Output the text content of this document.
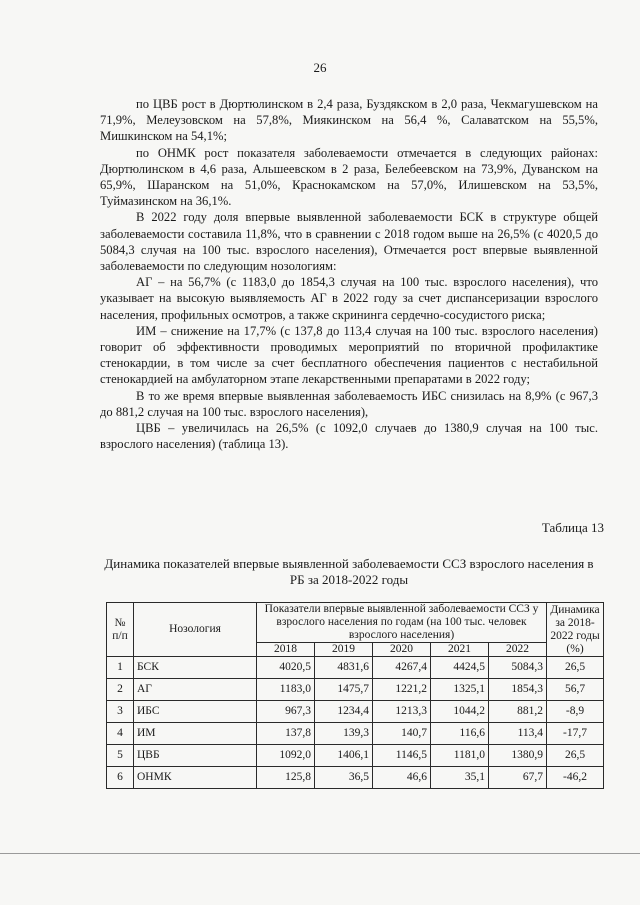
26

по ЦВБ рост в Дюртюлинском в 2,4 раза, Буздякском в 2,0 раза, Чекмагушевском на 71,9%, Мелеузовском на 57,8%, Миякинском на 56,4 %, Салаватском на 55,5%, Мишкинском на 54,1%;

по ОНМК рост показателя заболеваемости отмечается в следующих районах: Дюртюлинском в 4,6 раза, Альшеевском в 2 раза, Белебеевском на 73,9%, Дуванском на 65,9%, Шаранском на 51,0%, Краснокамском на 57,0%, Илишевском на 53,5%, Туймазинском на 36,1%.

В 2022 году доля впервые выявленной заболеваемости БСК в структуре общей заболеваемости составила 11,8%, что в сравнении с 2018 годом выше на 26,5% (с 4020,5 до 5084,3 случая на 100 тыс. взрослого населения), Отмечается рост впервые выявленной заболеваемости по следующим нозологиям:

АГ – на 56,7% (с 1183,0 до 1854,3 случая на 100 тыс. взрослого населения), что указывает на высокую выявляемость АГ в 2022 году за счет диспансеризации взрослого населения, профильных осмотров, а также скрининга сердечно-сосудистого риска;

ИМ – снижение на 17,7% (с 137,8 до 113,4 случая на 100 тыс. взрослого населения) говорит об эффективности проводимых мероприятий по вторичной профилактике стенокардии, в том числе за счет бесплатного обеспечения пациентов с нестабильной стенокардией на амбулаторном этапе лекарственными препаратами в 2022 году;

В то же время впервые выявленная заболеваемость ИБС снизилась на 8,9% (с 967,3 до 881,2 случая на 100 тыс. взрослого населения),

ЦВБ – увеличилась на 26,5% (с 1092,0 случаев до 1380,9 случая на 100 тыс. взрослого населения) (таблица 13).

Таблица 13
Динамика показателей впервые выявленной заболеваемости ССЗ взрослого населения в РБ за 2018-2022 годы
№ п/п	Нозология	Показатели впервые выявленной заболеваемости ССЗ у взрослого населения по годам (на 100 тыс. человек взрослого населения)					Динамика за 2018-2022 годы (%)
		2018	2019	2020	2021	2022	
1	БСК	4020,5	4831,6	4267,4	4424,5	5084,3	26,5
2	АГ	1183,0	1475,7	1221,2	1325,1	1854,3	56,7
3	ИБС	967,3	1234,4	1213,3	1044,2	881,2	-8,9
4	ИМ	137,8	139,3	140,7	116,6	113,4	-17,7
5	ЦВБ	1092,0	1406,1	1146,5	1181,0	1380,9	26,5
6	ОНМК	125,8	36,5	46,6	35,1	67,7	-46,2
